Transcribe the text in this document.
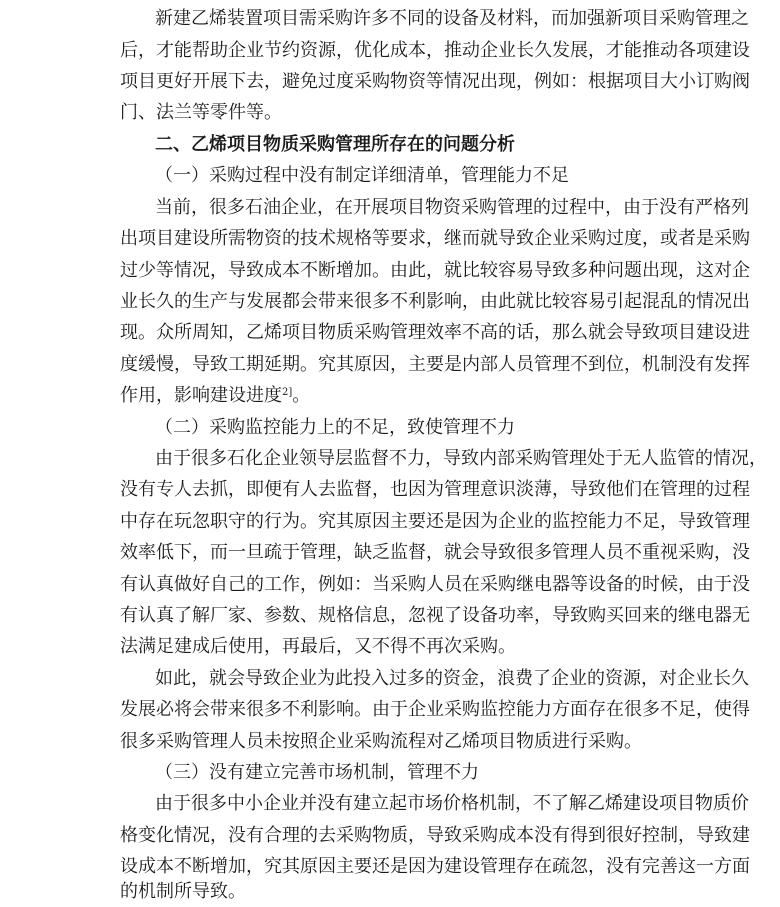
新建乙烯装置项目需采购许多不同的设备及材料，而加强新项目采购管理之
后，才能帮助企业节约资源，优化成本，推动企业长久发展，才能推动各项建设
项目更好开展下去，避免过度采购物资等情况出现，例如：根据项目大小订购阀
门、法兰等零件等。
二、乙烯项目物质采购管理所存在的问题分析
（一）采购过程中没有制定详细清单，管理能力不足
当前，很多石油企业，在开展项目物资采购管理的过程中，由于没有严格列
出项目建设所需物资的技术规格等要求，继而就导致企业采购过度，或者是采购
过少等情况，导致成本不断增加。由此，就比较容易导致多种问题出现，这对企
业长久的生产与发展都会带来很多不利影响，由此就比较容易引起混乱的情况出
现。众所周知，乙烯项目物质采购管理效率不高的话，那么就会导致项目建设进
度缓慢，导致工期延期。究其原因，主要是内部人员管理不到位，机制没有发挥
作用，影响建设进度$^{2]}$。
（二）采购监控能力上的不足，致使管理不力
由于很多石化企业领导层监督不力，导致内部采购管理处于无人监管的情况，
没有专人去抓，即便有人去监督，也因为管理意识淡薄，导致他们在管理的过程
中存在玩忽职守的行为。究其原因主要还是因为企业的监控能力不足，导致管理
效率低下，而一旦疏于管理，缺乏监督，就会导致很多管理人员不重视采购，没
有认真做好自己的工作，例如：当采购人员在采购继电器等设备的时候，由于没
有认真了解厂家、参数、规格信息，忽视了设备功率，导致购买回来的继电器无
法满足建成后使用，再最后，又不得不再次采购。
如此，就会导致企业为此投入过多的资金，浪费了企业的资源，对企业长久
发展必将会带来很多不利影响。由于企业采购监控能力方面存在很多不足，使得
很多采购管理人员未按照企业采购流程对乙烯项目物质进行采购。
（三）没有建立完善市场机制，管理不力
由于很多中小企业并没有建立起市场价格机制，不了解乙烯建设项目物质价
格变化情况，没有合理的去采购物质，导致采购成本没有得到很好控制，导致建
设成本不断增加，究其原因主要还是因为建设管理存在疏忽，没有完善这一方面
的机制所导致。
